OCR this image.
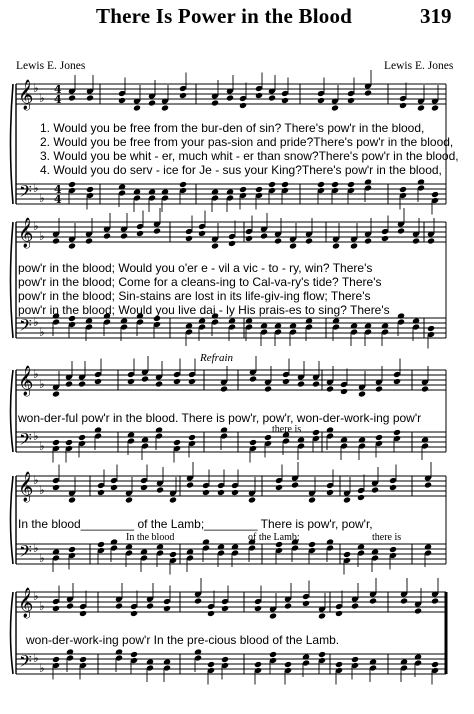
There Is Power in the Blood	319
Lewis E. Jones	Lewis E. Jones
𝄞
𝄢
♭
♭
♭
♭
4
4
4
4
𝄞
𝄢
♭
♭
♭
♭
𝄞
𝄢
♭
♭
♭
♭
𝄞
𝄢
♭
♭
♭
♭
𝄞
𝄢
♭
♭
♭
♭
1. Would you be free from the bur-den of sin? There's pow'r in the blood,
2. Would you be free from your pas-sion and pride?There's pow'r in the blood,
3. Would you be whit - er, much whit - er than snow?There's pow'r in the blood,
4. Would you do serv - ice for Je - sus your King?There's pow'r in the blood,
pow'r in the blood; Would you o'er e - vil a vic - to - ry, win? There's
pow'r in the blood; Come for a cleans-ing to Cal-va-ry's tide? There's
pow'r in the blood; Sin-stains are lost in its life-giv-ing flow; There's
pow'r in the blood; Would you live dai - ly His prais-es to sing? There's
Refrain
won-der-ful pow'r in the blood. There is pow'r, pow'r, won-der-work-ing pow'r
there is
In the blood________ of the Lamb;________ There is pow'r, pow'r,
In the blood	of the Lamb;	there is
won-der-work-ing pow'r In the pre-cious blood of the Lamb.
